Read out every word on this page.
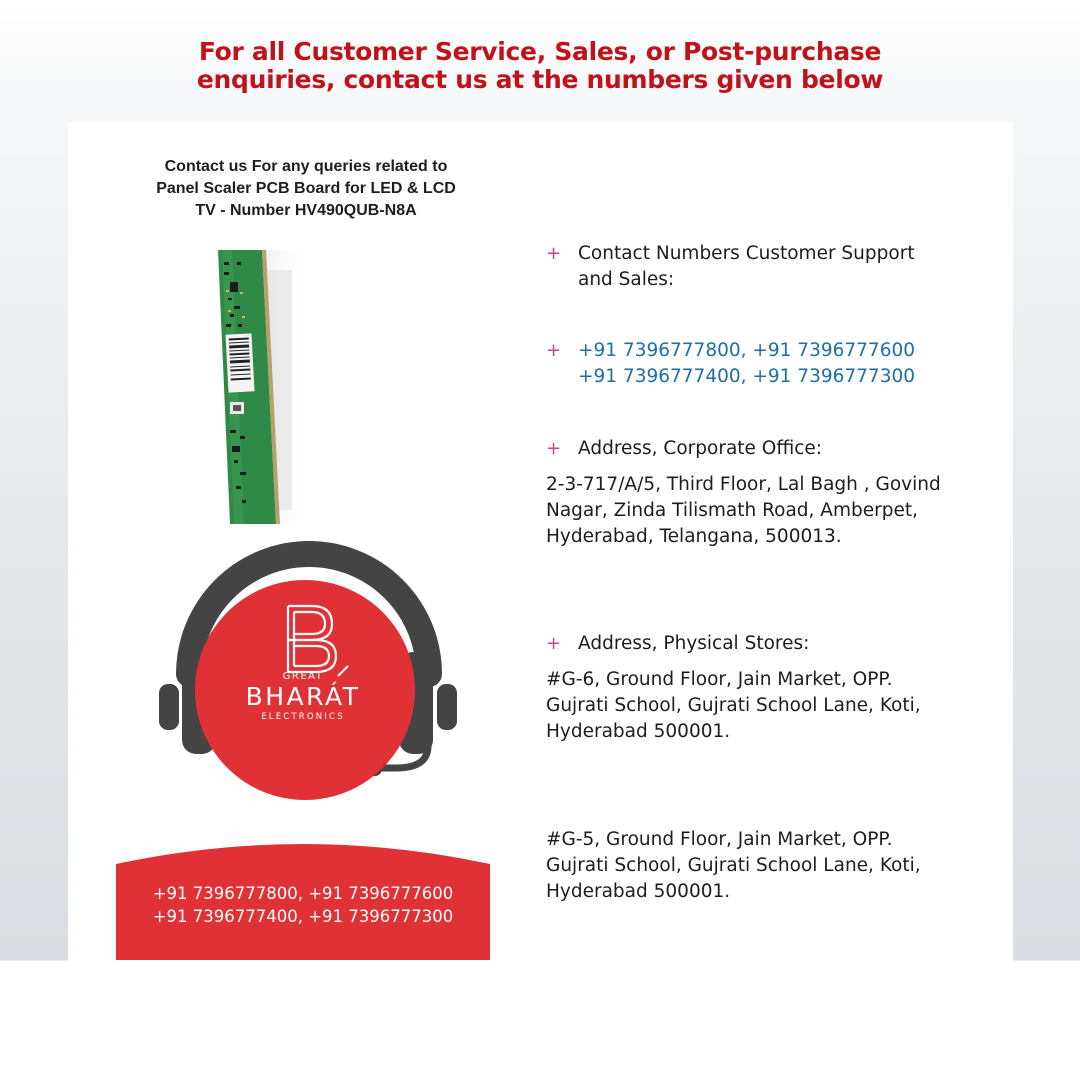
For all Customer Service, Sales, or Post-purchase
enquiries, contact us at the numbers given below
Contact us For any queries related to
Panel Scaler PCB Board for LED & LCD
TV - Number HV490QUB-N8A
GREAT
BHARÁT
ELECTRONICS
+91 7396777800, +91 7396777600
+91 7396777400, +91 7396777300
+ Contact Numbers Customer Support
and Sales:
+ +91 7396777800, +91 7396777600
+91 7396777400, +91 7396777300
+ Address, Corporate Office:
2-3-717/A/5, Third Floor, Lal Bagh , Govind
Nagar, Zinda Tilismath Road, Amberpet,
Hyderabad, Telangana, 500013.
+ Address, Physical Stores:
#G-6, Ground Floor, Jain Market, OPP.
Gujrati School, Gujrati School Lane, Koti,
Hyderabad 500001.
#G-5, Ground Floor, Jain Market, OPP.
Gujrati School, Gujrati School Lane, Koti,
Hyderabad 500001.
